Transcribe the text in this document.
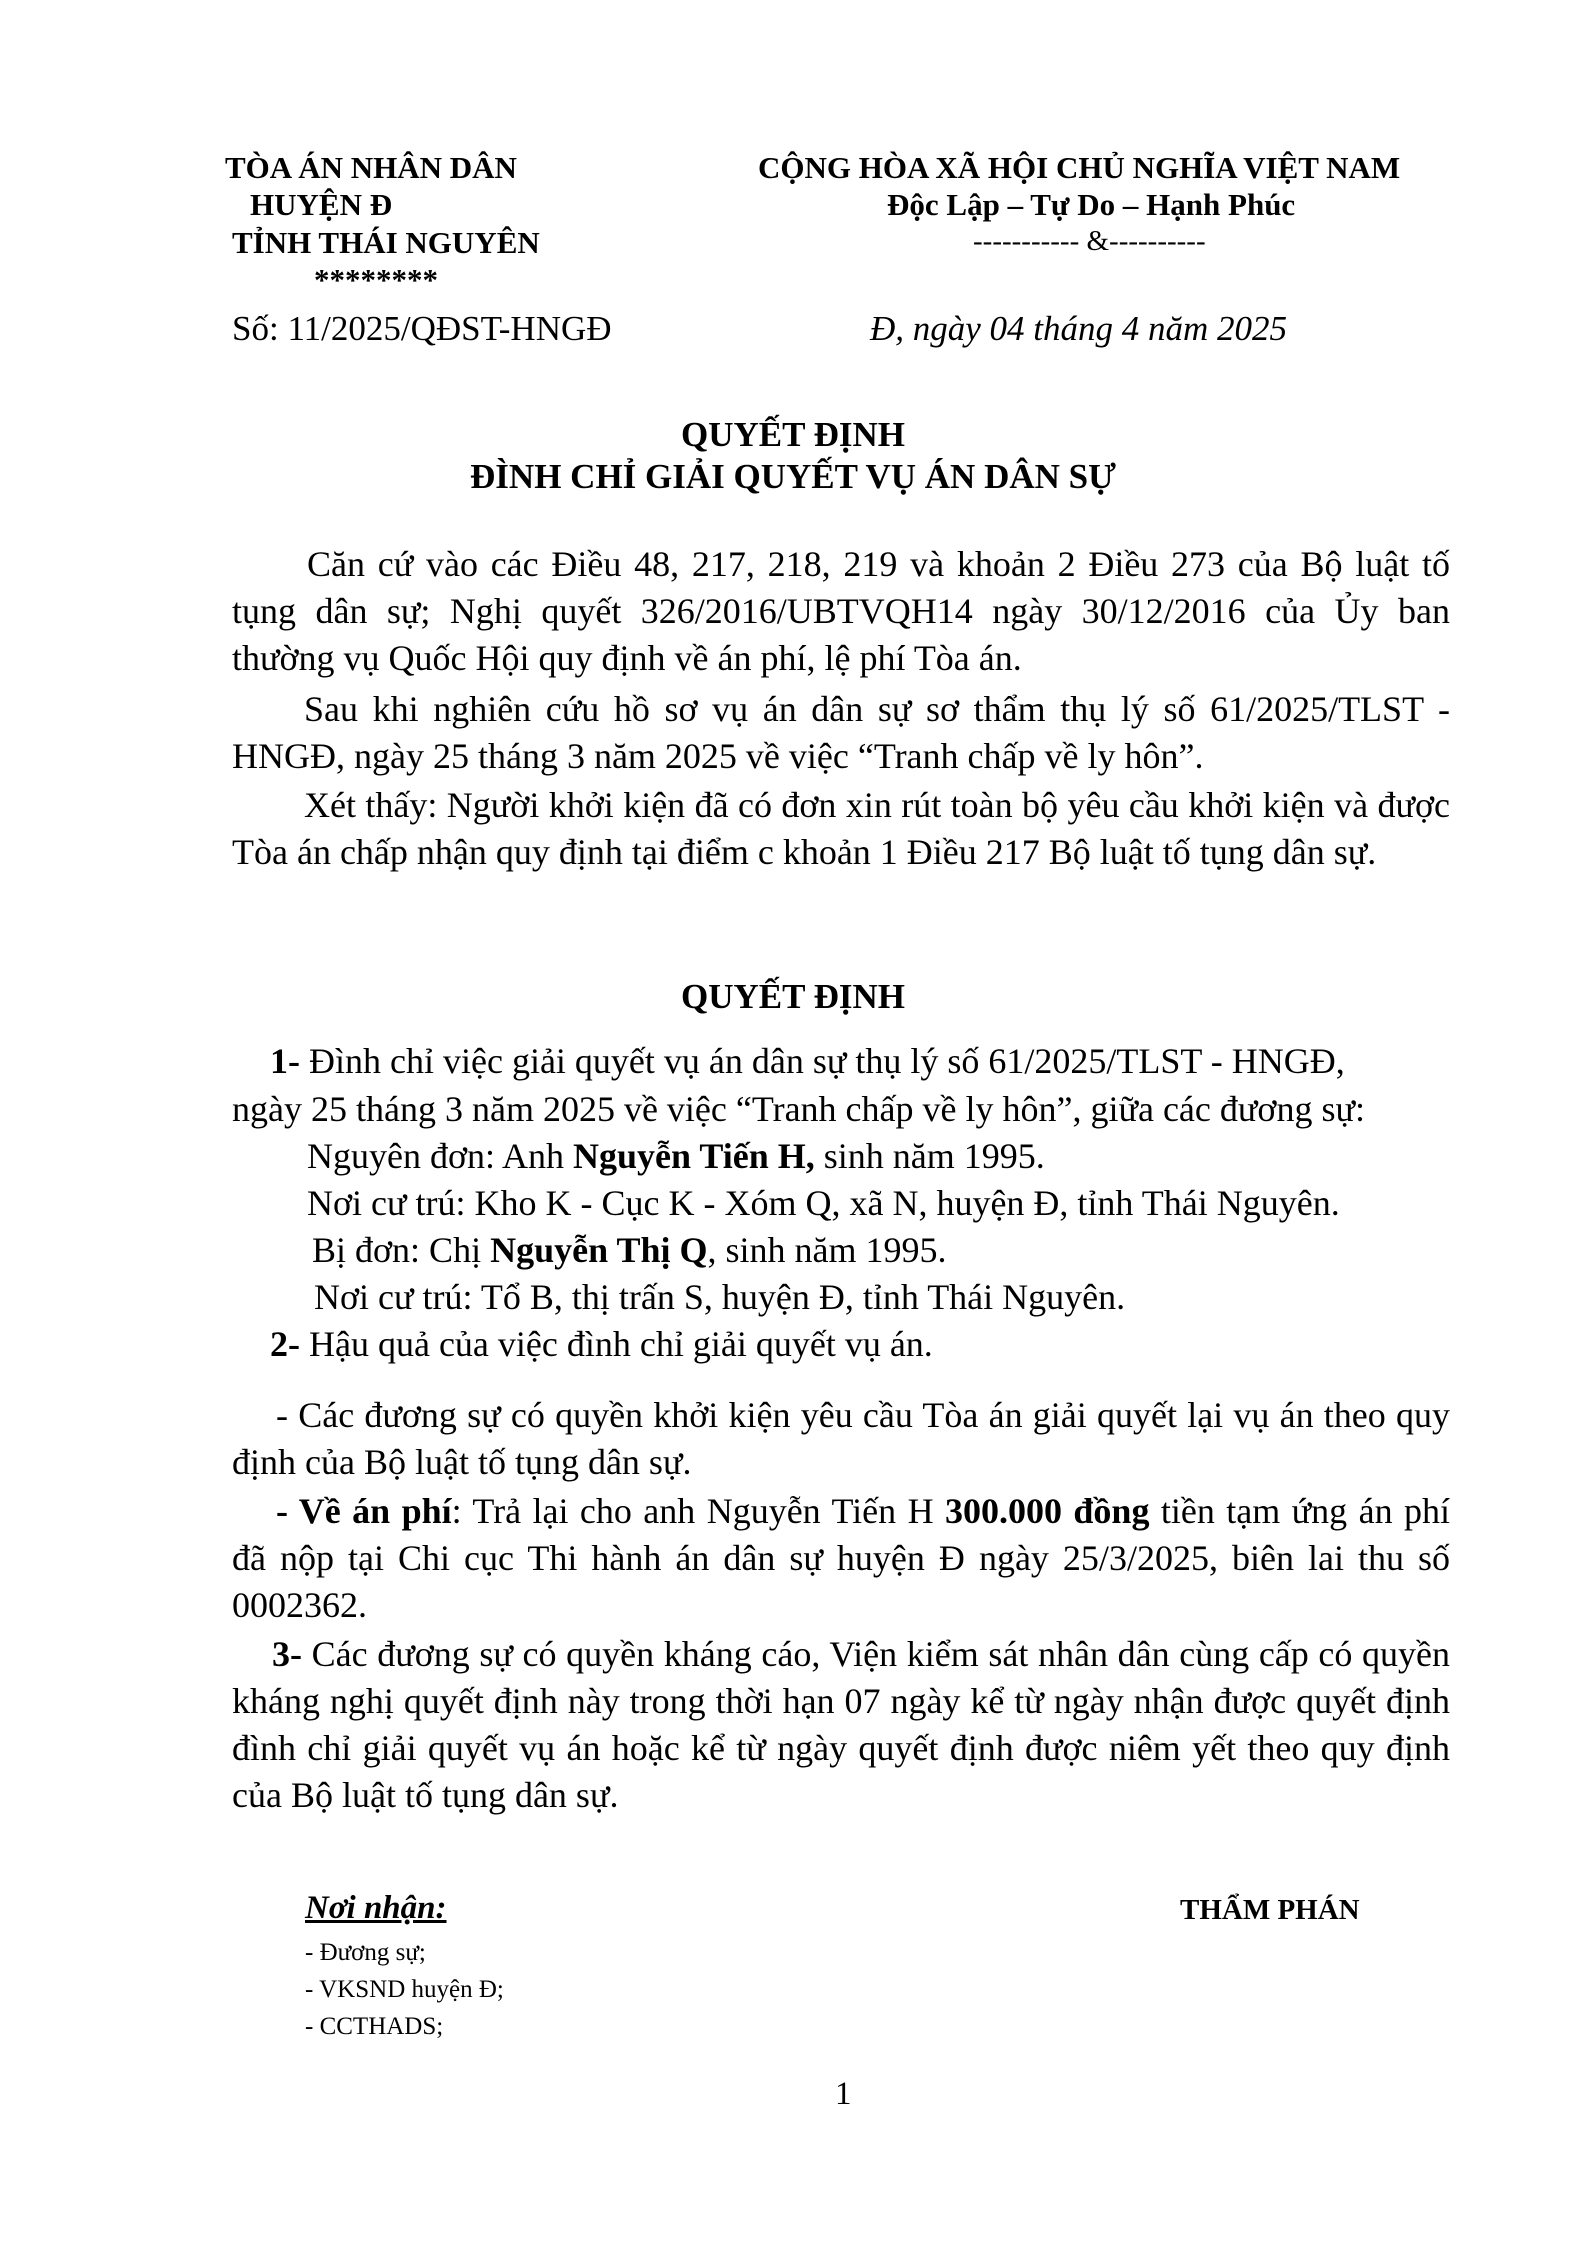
TÒA ÁN NHÂN DÂN
HUYỆN Đ
TỈNH THÁI NGUYÊN
********
CỘNG HÒA XÃ HỘI CHỦ NGHĨA VIỆT NAM
Độc Lập – Tự Do – Hạnh Phúc
----------- &----------
Số: 11/2025/QĐST-HNGĐ	Đ, ngày 04 tháng 4 năm 2025
QUYẾT ĐỊNH
ĐÌNH CHỈ GIẢI QUYẾT VỤ ÁN DÂN SỰ
Căn cứ vào các Điều 48, 217, 218, 219 và khoản 2 Điều 273 của Bộ luật tố tụng dân sự; Nghị quyết 326/2016/UBTVQH14 ngày 30/12/2016 của Ủy ban thường vụ Quốc Hội quy định về án phí, lệ phí Tòa án.
Sau khi nghiên cứu hồ sơ vụ án dân sự sơ thẩm thụ lý số 61/2025/TLST - HNGĐ, ngày 25 tháng 3 năm 2025 về việc “Tranh chấp về ly hôn”.
Xét thấy: Người khởi kiện đã có đơn xin rút toàn bộ yêu cầu khởi kiện và được Tòa án chấp nhận quy định tại điểm c khoản 1 Điều 217 Bộ luật tố tụng dân sự.
QUYẾT ĐỊNH
1- Đình chỉ việc giải quyết vụ án dân sự thụ lý số 61/2025/TLST - HNGĐ,
ngày 25 tháng 3 năm 2025 về việc “Tranh chấp về ly hôn”, giữa các đương sự:
Nguyên đơn: Anh Nguyễn Tiến H, sinh năm 1995.
Nơi cư trú: Kho K - Cục K - Xóm Q, xã N, huyện Đ, tỉnh Thái Nguyên.
Bị đơn: Chị Nguyễn Thị Q, sinh năm 1995.
Nơi cư trú: Tổ B, thị trấn S, huyện Đ, tỉnh Thái Nguyên.
2- Hậu quả của việc đình chỉ giải quyết vụ án.
- Các đương sự có quyền khởi kiện yêu cầu Tòa án giải quyết lại vụ án theo quy định của Bộ luật tố tụng dân sự.
- Về án phí: Trả lại cho anh Nguyễn Tiến H 300.000 đồng tiền tạm ứng án phí đã nộp tại Chi cục Thi hành án dân sự huyện Đ ngày 25/3/2025, biên lai thu số 0002362.
3- Các đương sự có quyền kháng cáo, Viện kiểm sát nhân dân cùng cấp có quyền kháng nghị quyết định này trong thời hạn 07 ngày kể từ ngày nhận được quyết định đình chỉ giải quyết vụ án hoặc kể từ ngày quyết định được niêm yết theo quy định của Bộ luật tố tụng dân sự.
Nơi nhận:
- Đương sự;
- VKSND huyện Đ;
- CCTHADS;
THẨM PHÁN
1
